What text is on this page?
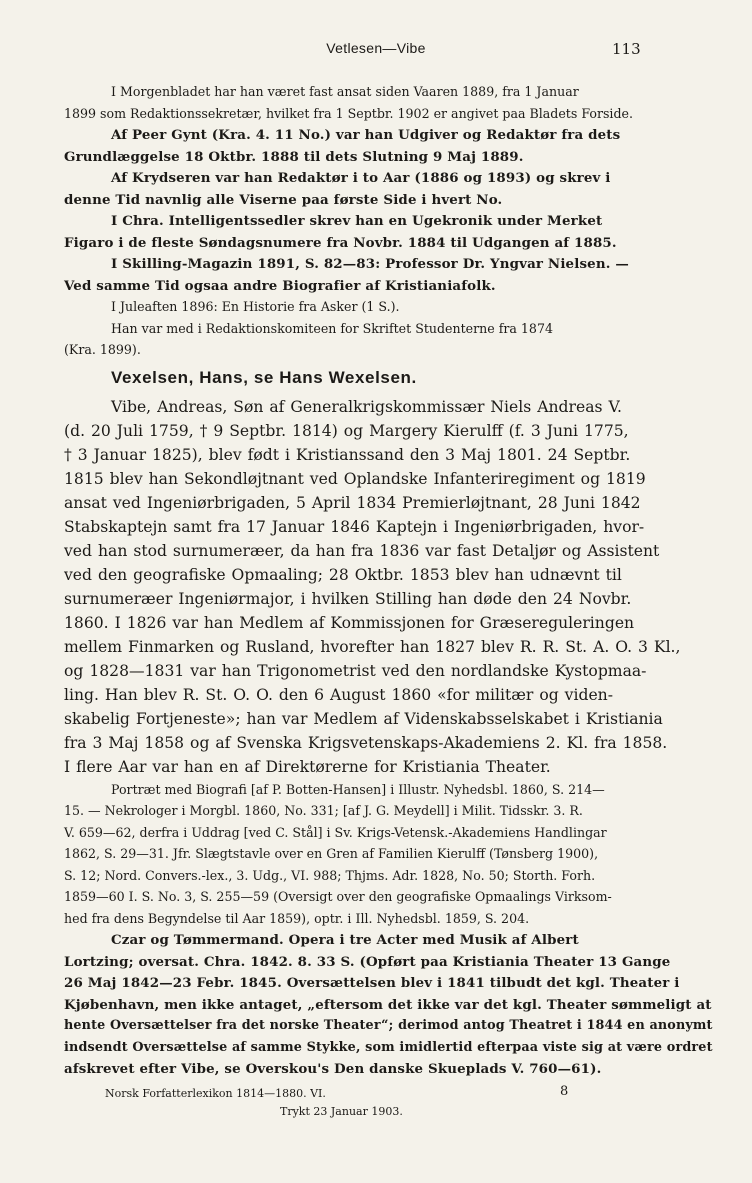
Vetlesen—Vibe	113
I Morgenbladet har han været fast ansat siden Vaaren 1889, fra 1 Januar
1899 som Redaktionssekretær, hvilket fra 1 Septbr. 1902 er angivet paa Bladets Forside.
Af Peer Gynt (Kra. 4. 11 No.) var han Udgiver og Redaktør fra dets
Grundlæggelse 18 Oktbr. 1888 til dets Slutning 9 Maj 1889.
Af Krydseren var han Redaktør i to Aar (1886 og 1893) og skrev i
denne Tid navnlig alle Viserne paa første Side i hvert No.
I Chra. Intelligentssedler skrev han en Ugekronik under Merket
Figaro i de fleste Søndagsnumere fra Novbr. 1884 til Udgangen af 1885.
I Skilling-Magazin 1891, S. 82—83: Professor Dr. Yngvar Nielsen. —
Ved samme Tid ogsaa andre Biografier af Kristianiafolk.
I Juleaften 1896: En Historie fra Asker (1 S.).
Han var med i Redaktionskomiteen for Skriftet Studenterne fra 1874
(Kra. 1899).
Vexelsen, Hans, se Hans Wexelsen.
Vibe, Andreas, Søn af Generalkrigskommissær Niels Andreas V.
(d. 20 Juli 1759, † 9 Septbr. 1814) og Margery Kierulff (f. 3 Juni 1775,
† 3 Januar 1825), blev født i Kristianssand den 3 Maj 1801. 24 Septbr.
1815 blev han Sekondløjtnant ved Oplandske Infanteriregiment og 1819
ansat ved Ingeniørbrigaden, 5 April 1834 Premierløjtnant, 28 Juni 1842
Stabskaptejn samt fra 17 Januar 1846 Kaptejn i Ingeniørbrigaden, hvor-
ved han stod surnumeræer, da han fra 1836 var fast Detaljør og Assistent
ved den geografiske Opmaaling; 28 Oktbr. 1853 blev han udnævnt til
surnumeræer Ingeniørmajor, i hvilken Stilling han døde den 24 Novbr.
1860. I 1826 var han Medlem af Kommissjonen for Græsereguleringen
mellem Finmarken og Rusland, hvorefter han 1827 blev R. R. St. A. O. 3 Kl.,
og 1828—1831 var han Trigonometrist ved den nordlandske Kystopmaa-
ling. Han blev R. St. O. O. den 6 August 1860 «for militær og viden-
skabelig Fortjeneste»; han var Medlem af Videnskabsselskabet i Kristiania
fra 3 Maj 1858 og af Svenska Krigsvetenskaps-Akademiens 2. Kl. fra 1858.
I flere Aar var han en af Direktørerne for Kristiania Theater.
Portræt med Biografi [af P. Botten-Hansen] i Illustr. Nyhedsbl. 1860, S. 214—
15. — Nekrologer i Morgbl. 1860, No. 331; [af J. G. Meydell] i Milit. Tidsskr. 3. R.
V. 659—62, derfra i Uddrag [ved C. Stål] i Sv. Krigs-Vetensk.-Akademiens Handlingar
1862, S. 29—31. Jfr. Slægtstavle over en Gren af Familien Kierulff (Tønsberg 1900),
S. 12; Nord. Convers.-lex., 3. Udg., VI. 988; Thjms. Adr. 1828, No. 50; Storth. Forh.
1859—60 I. S. No. 3, S. 255—59 (Oversigt over den geografiske Opmaalings Virksom-
hed fra dens Begyndelse til Aar 1859), optr. i Ill. Nyhedsbl. 1859, S. 204.
Czar og Tømmermand. Opera i tre Acter med Musik af Albert
Lortzing; oversat. Chra. 1842. 8. 33 S. (Opført paa Kristiania Theater 13 Gange
26 Maj 1842—23 Febr. 1845. Oversættelsen blev i 1841 tilbudt det kgl. Theater i
Kjøbenhavn, men ikke antaget, „eftersom det ikke var det kgl. Theater sømmeligt at
hente Oversættelser fra det norske Theater“; derimod antog Theatret i 1844 en anonymt
indsendt Oversættelse af samme Stykke, som imidlertid efterpaa viste sig at være ordret
afskrevet efter Vibe, se Overskou's Den danske Skueplads V. 760—61).
Norsk Forfatterlexikon 1814—1880. VI.	8
Trykt 23 Januar 1903.
